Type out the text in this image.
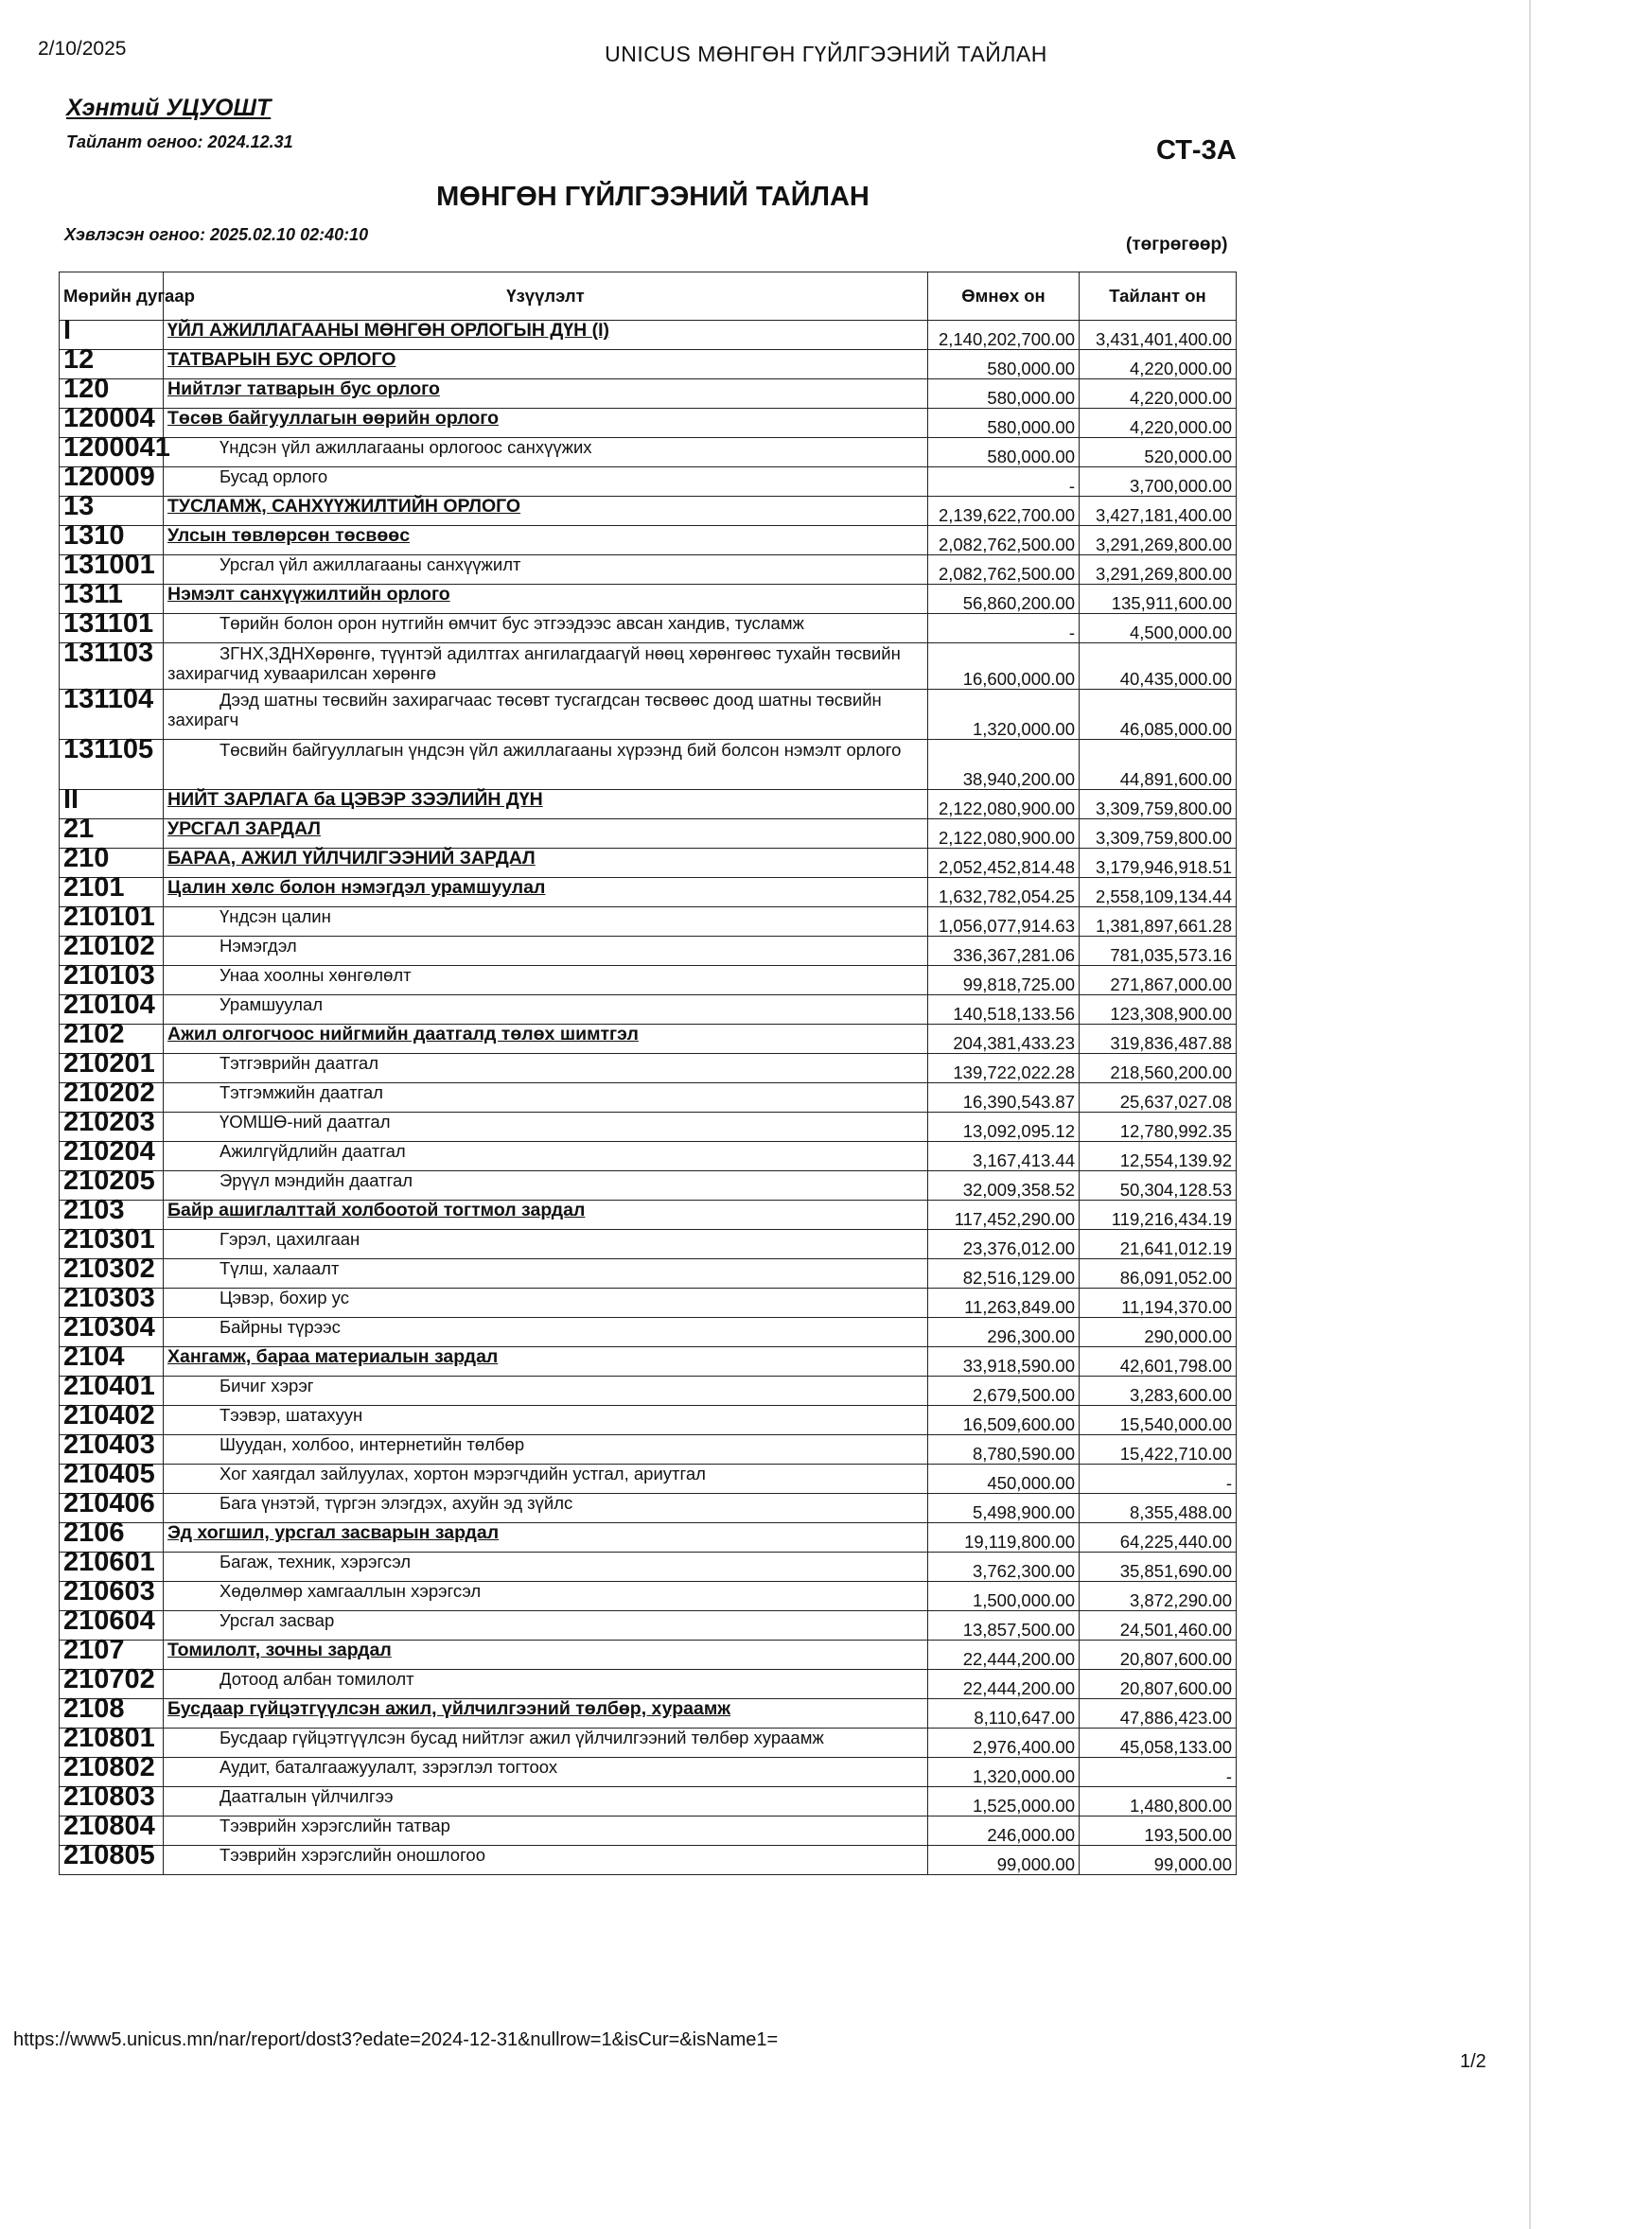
2/10/2025	UNICUS МӨНГӨН ГҮЙЛГЭЭНИЙ ТАЙЛАН
Хэнтий УЦУОШТ
Тайлант огноо: 2024.12.31	СТ-3А
МӨНГӨН ГҮЙЛГЭЭНИЙ ТАЙЛАН
Хэвлэсэн огноо: 2025.02.10 02:40:10	(төгрөгөөр)
Мөрийн дугаар	Үзүүлэлт	Өмнөх он	Тайлант он
I	ҮЙЛ АЖИЛЛАГААНЫ МӨНГӨН ОРЛОГЫН ДҮН (I)	2,140,202,700.00	3,431,401,400.00
12	ТАТВАРЫН БУС ОРЛОГО	580,000.00	4,220,000.00
120	Нийтлэг татварын бус орлого	580,000.00	4,220,000.00
120004	Төсөв байгууллагын өөрийн орлого	580,000.00	4,220,000.00
1200041	Үндсэн үйл ажиллагааны орлогоос санхүүжих	580,000.00	520,000.00
120009	Бусад орлого	-	3,700,000.00
13	ТУСЛАМЖ, САНХҮҮЖИЛТИЙН ОРЛОГО	2,139,622,700.00	3,427,181,400.00
1310	Улсын төвлөрсөн төсвөөс	2,082,762,500.00	3,291,269,800.00
131001	Урсгал үйл ажиллагааны санхүүжилт	2,082,762,500.00	3,291,269,800.00
1311	Нэмэлт санхүүжилтийн орлого	56,860,200.00	135,911,600.00
131101	Төрийн болон орон нутгийн өмчит бус этгээдээс авсан хандив, тусламж	-	4,500,000.00
131103	ЗГНХ,ЗДНХөрөнгө, түүнтэй адилтгах ангилагдаагүй нөөц хөрөнгөөс тухайн төсвийн захирагчид хуваарилсан хөрөнгө	16,600,000.00	40,435,000.00
131104	Дээд шатны төсвийн захирагчаас төсөвт тусгагдсан төсвөөс доод шатны төсвийн захирагч	1,320,000.00	46,085,000.00
131105	Төсвийн байгууллагын үндсэн үйл ажиллагааны хүрээнд бий болсон нэмэлт орлого	38,940,200.00	44,891,600.00
II	НИЙТ ЗАРЛАГА ба ЦЭВЭР ЗЭЭЛИЙН ДҮН	2,122,080,900.00	3,309,759,800.00
21	УРСГАЛ ЗАРДАЛ	2,122,080,900.00	3,309,759,800.00
210	БАРАА, АЖИЛ ҮЙЛЧИЛГЭЭНИЙ ЗАРДАЛ	2,052,452,814.48	3,179,946,918.51
2101	Цалин хөлс болон нэмэгдэл урамшуулал	1,632,782,054.25	2,558,109,134.44
210101	Үндсэн цалин	1,056,077,914.63	1,381,897,661.28
210102	Нэмэгдэл	336,367,281.06	781,035,573.16
210103	Унаа хоолны хөнгөлөлт	99,818,725.00	271,867,000.00
210104	Урамшуулал	140,518,133.56	123,308,900.00
2102	Ажил олгогчоос нийгмийн даатгалд төлөх шимтгэл	204,381,433.23	319,836,487.88
210201	Тэтгэврийн даатгал	139,722,022.28	218,560,200.00
210202	Тэтгэмжийн даатгал	16,390,543.87	25,637,027.08
210203	ҮОМШӨ-ний даатгал	13,092,095.12	12,780,992.35
210204	Ажилгүйдлийн даатгал	3,167,413.44	12,554,139.92
210205	Эрүүл мэндийн даатгал	32,009,358.52	50,304,128.53
2103	Байр ашиглалттай холбоотой тогтмол зардал	117,452,290.00	119,216,434.19
210301	Гэрэл, цахилгаан	23,376,012.00	21,641,012.19
210302	Түлш, халаалт	82,516,129.00	86,091,052.00
210303	Цэвэр, бохир ус	11,263,849.00	11,194,370.00
210304	Байрны түрээс	296,300.00	290,000.00
2104	Хангамж, бараа материалын зардал	33,918,590.00	42,601,798.00
210401	Бичиг хэрэг	2,679,500.00	3,283,600.00
210402	Тээвэр, шатахуун	16,509,600.00	15,540,000.00
210403	Шуудан, холбоо, интернетийн төлбөр	8,780,590.00	15,422,710.00
210405	Хог хаягдал зайлуулах, хортон мэрэгчдийн устгал, ариутгал	450,000.00	-
210406	Бага үнэтэй, түргэн элэгдэх, ахуйн эд зүйлс	5,498,900.00	8,355,488.00
2106	Эд хогшил, урсгал засварын зардал	19,119,800.00	64,225,440.00
210601	Багаж, техник, хэрэгсэл	3,762,300.00	35,851,690.00
210603	Хөдөлмөр хамгааллын хэрэгсэл	1,500,000.00	3,872,290.00
210604	Урсгал засвар	13,857,500.00	24,501,460.00
2107	Томилолт, зочны зардал	22,444,200.00	20,807,600.00
210702	Дотоод албан томилолт	22,444,200.00	20,807,600.00
2108	Бусдаар гүйцэтгүүлсэн ажил, үйлчилгээний төлбөр, хураамж	8,110,647.00	47,886,423.00
210801	Бусдаар гүйцэтгүүлсэн бусад нийтлэг ажил үйлчилгээний төлбөр хураамж	2,976,400.00	45,058,133.00
210802	Аудит, баталгаажуулалт, зэрэглэл тогтоох	1,320,000.00	-
210803	Даатгалын үйлчилгээ	1,525,000.00	1,480,800.00
210804	Тээврийн хэрэгслийн татвар	246,000.00	193,500.00
210805	Тээврийн хэрэгслийн оношлогоо	99,000.00	99,000.00
https://www5.unicus.mn/nar/report/dost3?edate=2024-12-31&nullrow=1&isCur=&isName1=
1/2
